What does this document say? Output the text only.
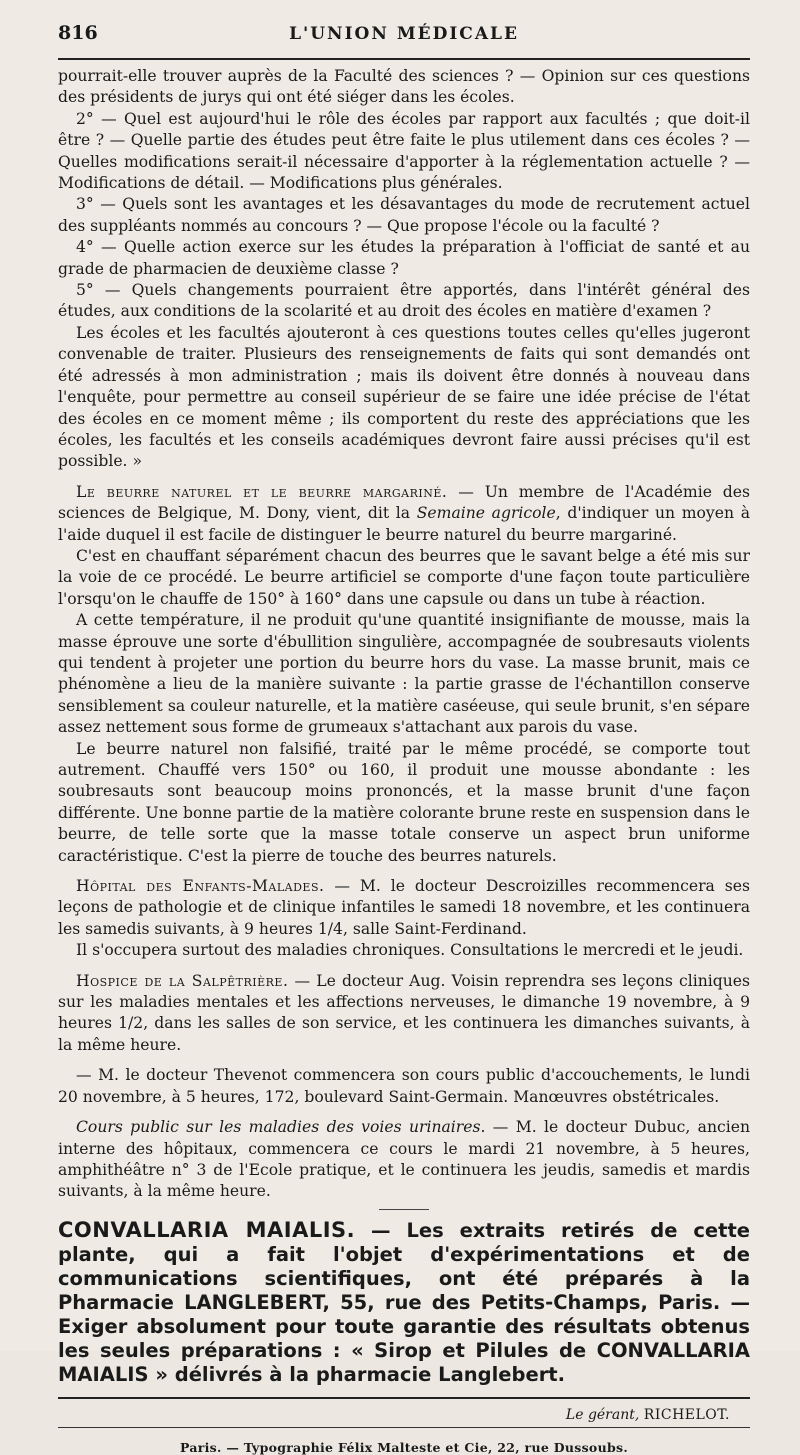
816	L'UNION MÉDICALE

pourrait-elle trouver auprès de la Faculté des sciences ? — Opinion sur ces questions des présidents de jurys qui ont été siéger dans les écoles.

2° — Quel est aujourd'hui le rôle des écoles par rapport aux facultés ; que doit-il être ? — Quelle partie des études peut être faite le plus utilement dans ces écoles ? — Quelles modifications serait-il nécessaire d'apporter à la réglementation actuelle ? — Modifications de détail. — Modifications plus générales.

3° — Quels sont les avantages et les désavantages du mode de recrutement actuel des suppléants nommés au concours ? — Que propose l'école ou la faculté ?

4° — Quelle action exerce sur les études la préparation à l'officiat de santé et au grade de pharmacien de deuxième classe ?

5° — Quels changements pourraient être apportés, dans l'intérêt général des études, aux conditions de la scolarité et au droit des écoles en matière d'examen ?

Les écoles et les facultés ajouteront à ces questions toutes celles qu'elles jugeront convenable de traiter. Plusieurs des renseignements de faits qui sont demandés ont été adressés à mon administration ; mais ils doivent être donnés à nouveau dans l'enquête, pour permettre au conseil supérieur de se faire une idée précise de l'état des écoles en ce moment même ; ils comportent du reste des appréciations que les écoles, les facultés et les conseils académiques devront faire aussi précises qu'il est possible. »

Le beurre naturel et le beurre margariné. — Un membre de l'Académie des sciences de Belgique, M. Dony, vient, dit la Semaine agricole, d'indiquer un moyen à l'aide duquel il est facile de distinguer le beurre naturel du beurre margariné.

C'est en chauffant séparément chacun des beurres que le savant belge a été mis sur la voie de ce procédé. Le beurre artificiel se comporte d'une façon toute particulière l'orsqu'on le chauffe de 150° à 160° dans une capsule ou dans un tube à réaction.

A cette température, il ne produit qu'une quantité insignifiante de mousse, mais la masse éprouve une sorte d'ébullition singulière, accompagnée de soubresauts violents qui tendent à projeter une portion du beurre hors du vase. La masse brunit, mais ce phénomène a lieu de la manière suivante : la partie grasse de l'échantillon conserve sensiblement sa couleur naturelle, et la matière caséeuse, qui seule brunit, s'en sépare assez nettement sous forme de grumeaux s'attachant aux parois du vase.

Le beurre naturel non falsifié, traité par le même procédé, se comporte tout autrement. Chauffé vers 150° ou 160, il produit une mousse abondante : les soubresauts sont beaucoup moins prononcés, et la masse brunit d'une façon différente. Une bonne partie de la matière colorante brune reste en suspension dans le beurre, de telle sorte que la masse totale conserve un aspect brun uniforme caractéristique. C'est la pierre de touche des beurres naturels.

Hôpital des Enfants-Malades. — M. le docteur Descroizilles recommencera ses leçons de pathologie et de clinique infantiles le samedi 18 novembre, et les continuera les samedis suivants, à 9 heures 1/4, salle Saint-Ferdinand.

Il s'occupera surtout des maladies chroniques. Consultations le mercredi et le jeudi.

Hospice de la Salpêtrière. — Le docteur Aug. Voisin reprendra ses leçons cliniques sur les maladies mentales et les affections nerveuses, le dimanche 19 novembre, à 9 heures 1/2, dans les salles de son service, et les continuera les dimanches suivants, à la même heure.

— M. le docteur Thevenot commencera son cours public d'accouchements, le lundi 20 novembre, à 5 heures, 172, boulevard Saint-Germain. Manœuvres obstétricales.

Cours public sur les maladies des voies urinaires. — M. le docteur Dubuc, ancien interne des hôpitaux, commencera ce cours le mardi 21 novembre, à 5 heures, amphithéâtre n° 3 de l'Ecole pratique, et le continuera les jeudis, samedis et mardis suivants, à la même heure.

CONVALLARIA MAIALIS. — Les extraits retirés de cette plante, qui a fait l'objet d'expérimentations et de communications scientifiques, ont été préparés à la Pharmacie LANGLEBERT, 55, rue des Petits-Champs, Paris. — Exiger absolument pour toute garantie des résultats obtenus les seules préparations : « Sirop et Pilules de CONVALLARIA MAIALIS » délivrés à la pharmacie Langlebert.
Le gérant, RICHELOT.
Paris. — Typographie Félix Malteste et Cie, 22, rue Dussoubs.
